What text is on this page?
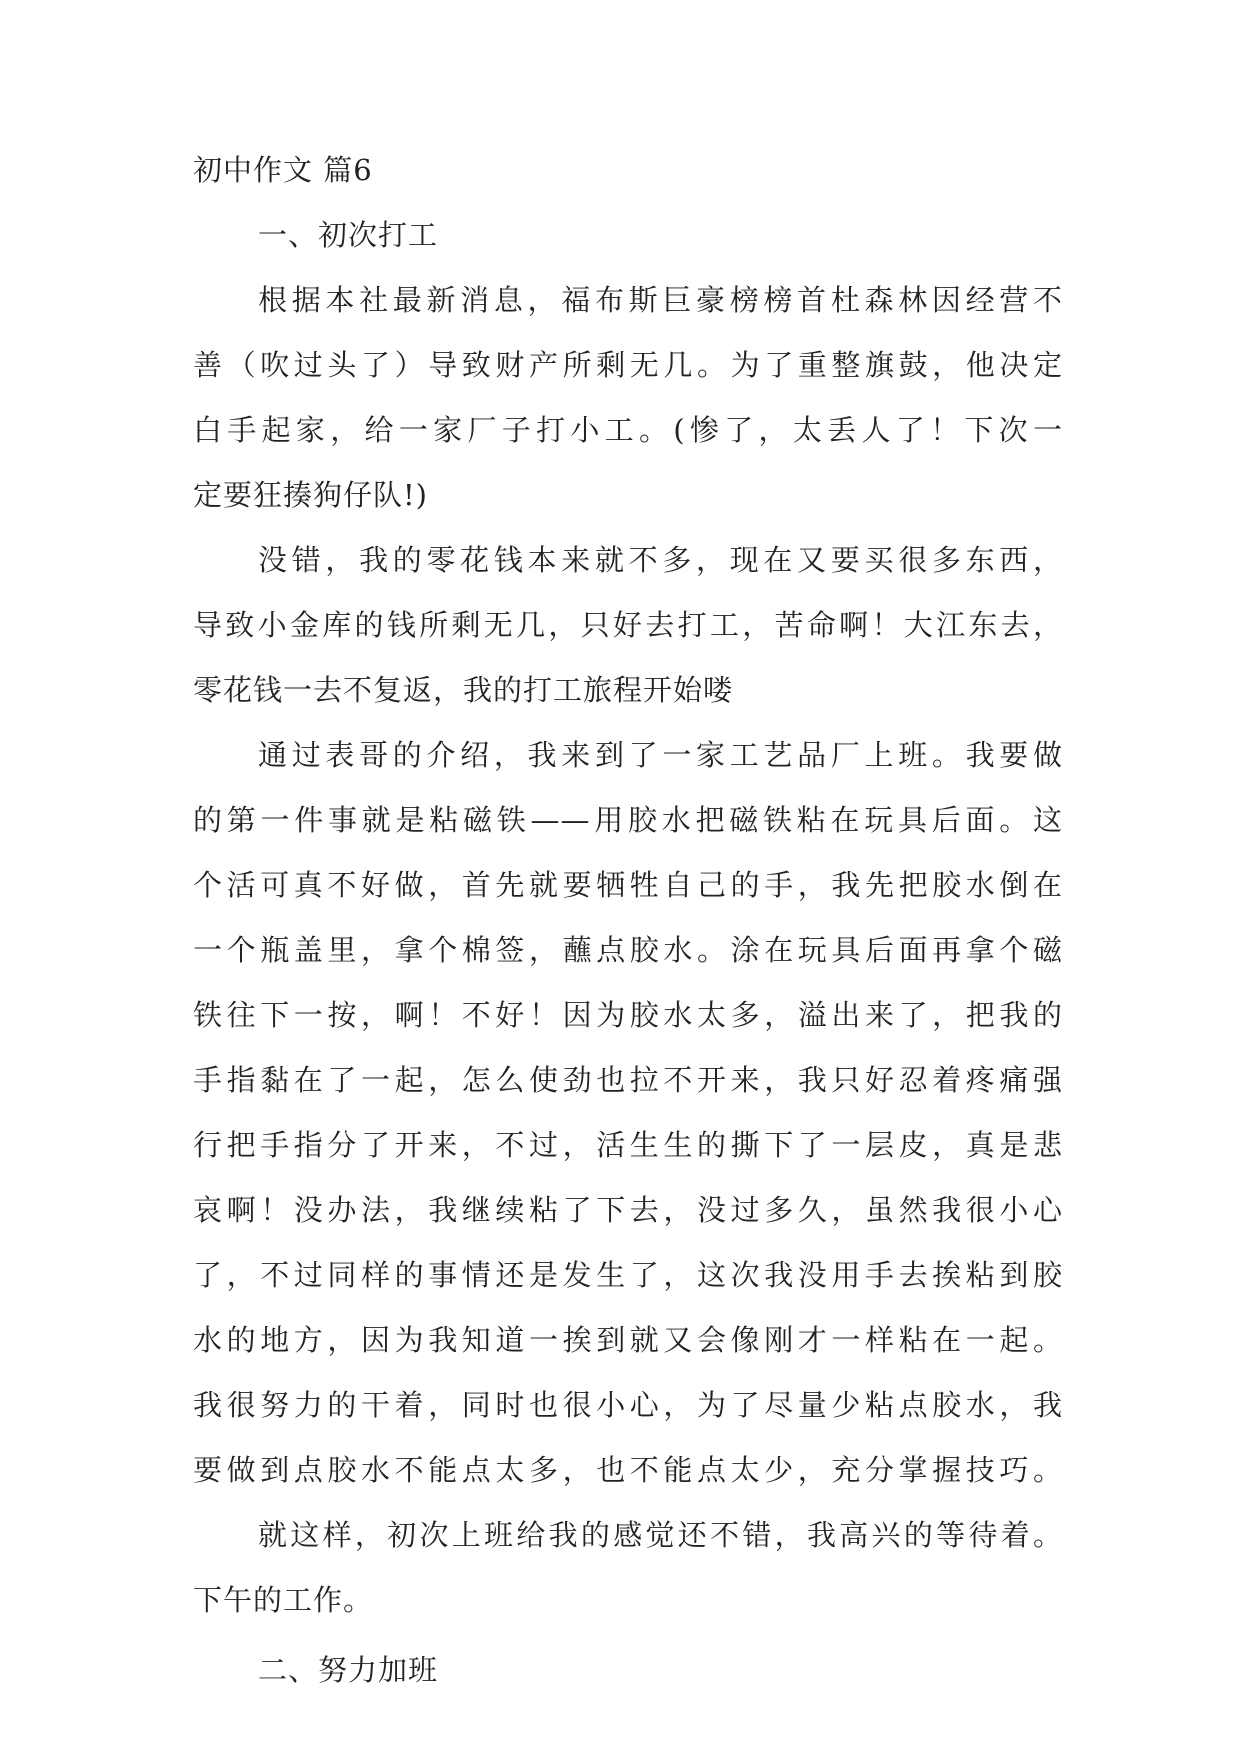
初中作文 篇6
一、初次打工
根据本社最新消息，福布斯巨豪榜榜首杜森林因经营不
善（吹过头了）导致财产所剩无几。为了重整旗鼓，他决定
白手起家，给一家厂子打小工。(惨了，太丢人了！下次一
定要狂揍狗仔队!)
没错，我的零花钱本来就不多，现在又要买很多东西，
导致小金库的钱所剩无几，只好去打工，苦命啊！大江东去，
零花钱一去不复返，我的打工旅程开始喽
通过表哥的介绍，我来到了一家工艺品厂上班。我要做
的第一件事就是粘磁铁——用胶水把磁铁粘在玩具后面。这
个活可真不好做，首先就要牺牲自己的手，我先把胶水倒在
一个瓶盖里，拿个棉签，蘸点胶水。涂在玩具后面再拿个磁
铁往下一按，啊！不好！因为胶水太多，溢出来了，把我的
手指黏在了一起，怎么使劲也拉不开来，我只好忍着疼痛强
行把手指分了开来，不过，活生生的撕下了一层皮，真是悲
哀啊！没办法，我继续粘了下去，没过多久，虽然我很小心
了，不过同样的事情还是发生了，这次我没用手去挨粘到胶
水的地方，因为我知道一挨到就又会像刚才一样粘在一起。
我很努力的干着，同时也很小心，为了尽量少粘点胶水，我
要做到点胶水不能点太多，也不能点太少，充分掌握技巧。
就这样，初次上班给我的感觉还不错，我高兴的等待着。
下午的工作。
二、努力加班
